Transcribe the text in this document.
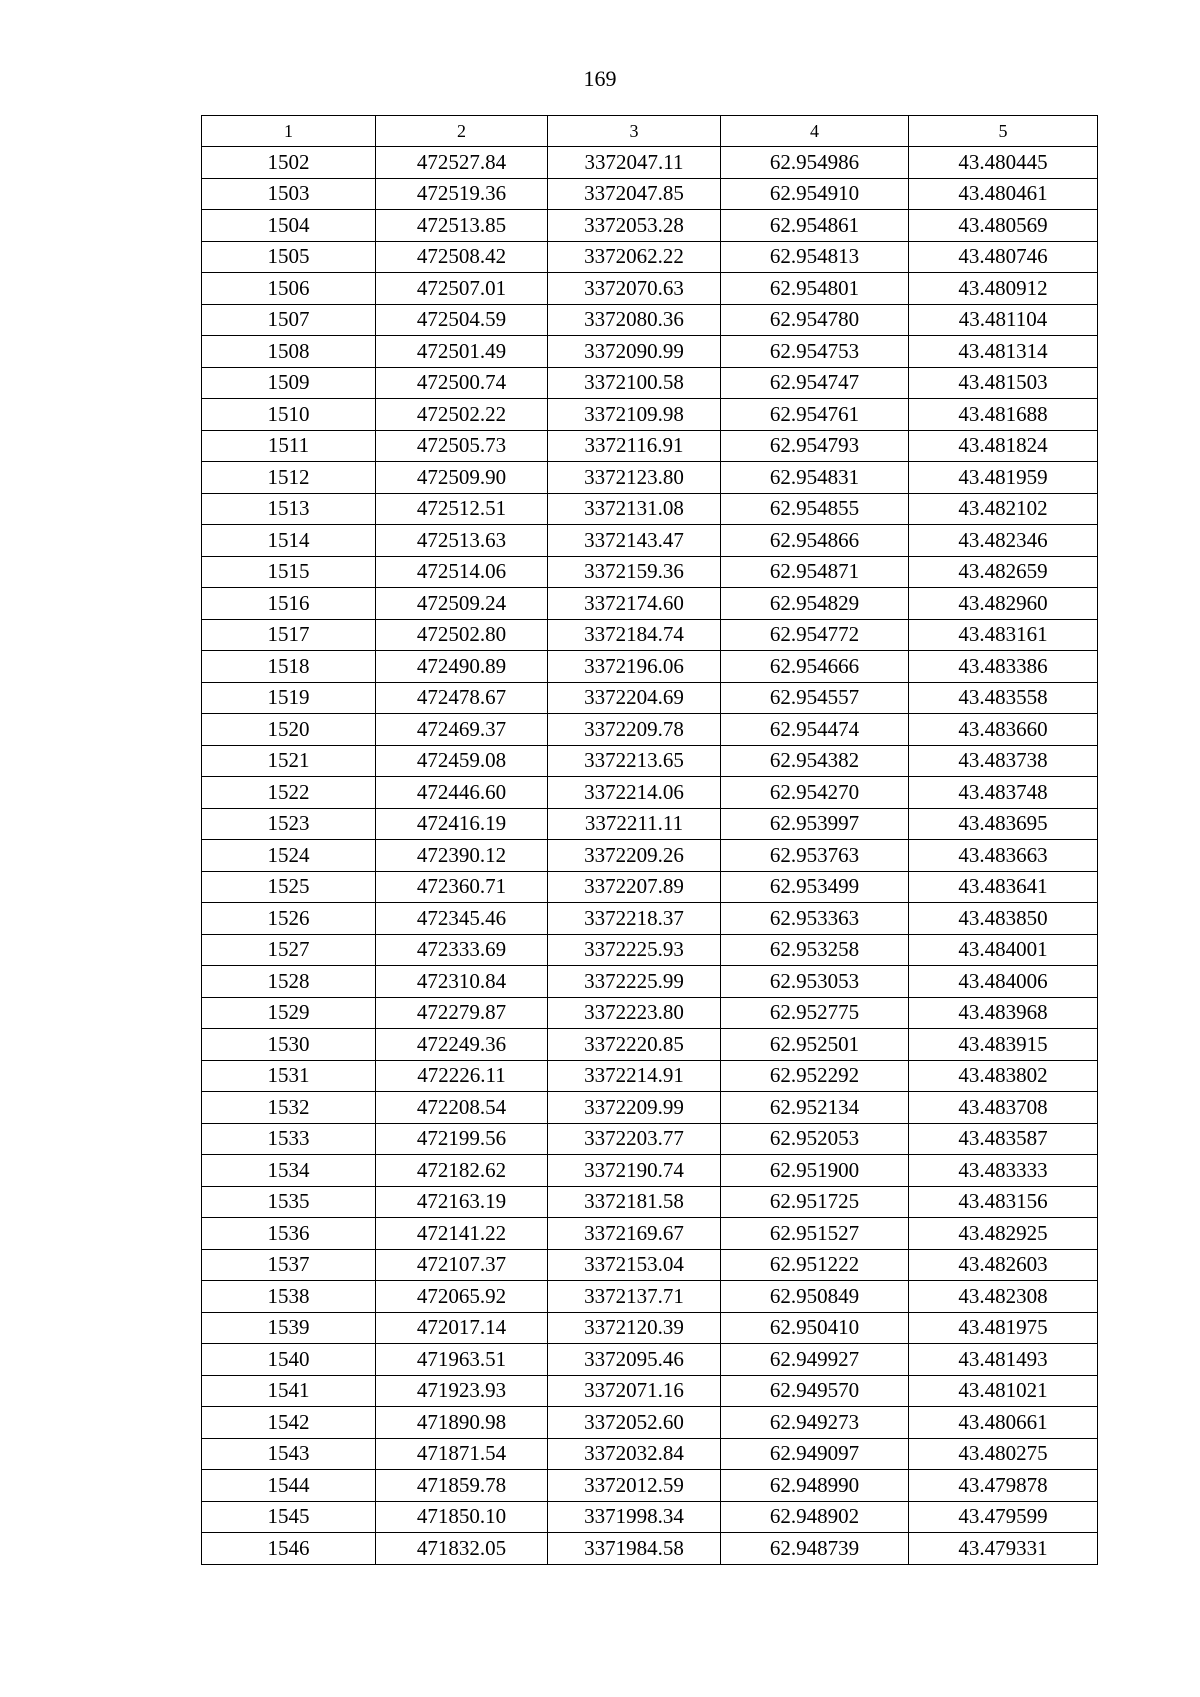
169
1	2	3	4	5
1502	472527.84	3372047.11	62.954986	43.480445
1503	472519.36	3372047.85	62.954910	43.480461
1504	472513.85	3372053.28	62.954861	43.480569
1505	472508.42	3372062.22	62.954813	43.480746
1506	472507.01	3372070.63	62.954801	43.480912
1507	472504.59	3372080.36	62.954780	43.481104
1508	472501.49	3372090.99	62.954753	43.481314
1509	472500.74	3372100.58	62.954747	43.481503
1510	472502.22	3372109.98	62.954761	43.481688
1511	472505.73	3372116.91	62.954793	43.481824
1512	472509.90	3372123.80	62.954831	43.481959
1513	472512.51	3372131.08	62.954855	43.482102
1514	472513.63	3372143.47	62.954866	43.482346
1515	472514.06	3372159.36	62.954871	43.482659
1516	472509.24	3372174.60	62.954829	43.482960
1517	472502.80	3372184.74	62.954772	43.483161
1518	472490.89	3372196.06	62.954666	43.483386
1519	472478.67	3372204.69	62.954557	43.483558
1520	472469.37	3372209.78	62.954474	43.483660
1521	472459.08	3372213.65	62.954382	43.483738
1522	472446.60	3372214.06	62.954270	43.483748
1523	472416.19	3372211.11	62.953997	43.483695
1524	472390.12	3372209.26	62.953763	43.483663
1525	472360.71	3372207.89	62.953499	43.483641
1526	472345.46	3372218.37	62.953363	43.483850
1527	472333.69	3372225.93	62.953258	43.484001
1528	472310.84	3372225.99	62.953053	43.484006
1529	472279.87	3372223.80	62.952775	43.483968
1530	472249.36	3372220.85	62.952501	43.483915
1531	472226.11	3372214.91	62.952292	43.483802
1532	472208.54	3372209.99	62.952134	43.483708
1533	472199.56	3372203.77	62.952053	43.483587
1534	472182.62	3372190.74	62.951900	43.483333
1535	472163.19	3372181.58	62.951725	43.483156
1536	472141.22	3372169.67	62.951527	43.482925
1537	472107.37	3372153.04	62.951222	43.482603
1538	472065.92	3372137.71	62.950849	43.482308
1539	472017.14	3372120.39	62.950410	43.481975
1540	471963.51	3372095.46	62.949927	43.481493
1541	471923.93	3372071.16	62.949570	43.481021
1542	471890.98	3372052.60	62.949273	43.480661
1543	471871.54	3372032.84	62.949097	43.480275
1544	471859.78	3372012.59	62.948990	43.479878
1545	471850.10	3371998.34	62.948902	43.479599
1546	471832.05	3371984.58	62.948739	43.479331
